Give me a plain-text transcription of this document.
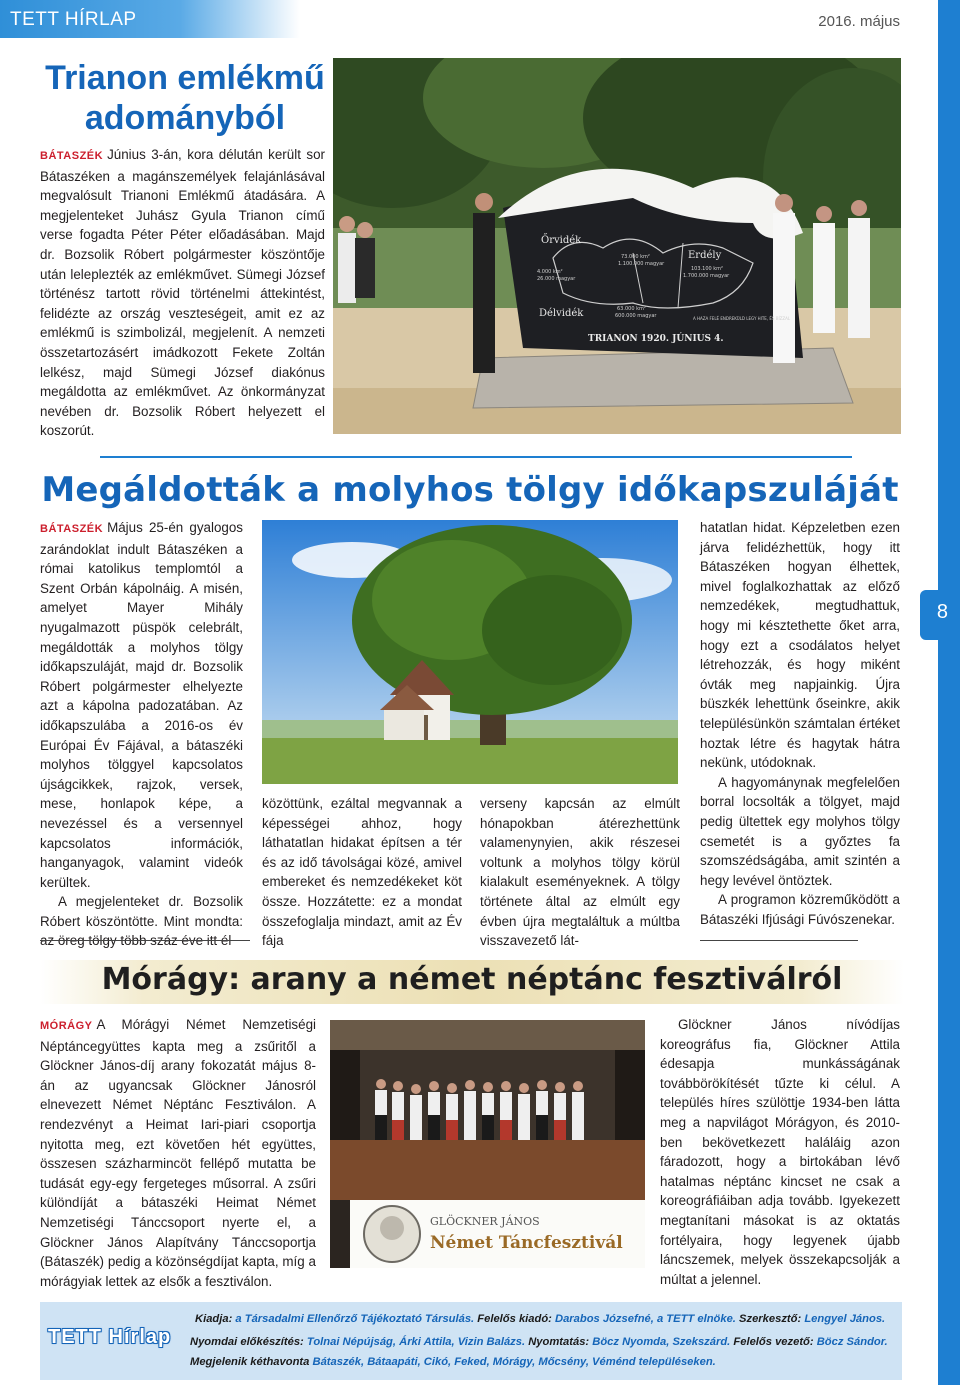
TETT HÍRLAP	2016. május
8
Trianon emlékmű adományból
BÁTASZÉK Június 3-án, kora délután került sor Bátaszéken a magánszemélyek felajánlásával megvalósult Trianoni Emlékmű átadására. A megjelenteket Juhász Gyula Trianon című verse fogadta Péter Péter előadásában. Majd dr. Bozsolik Róbert polgármester köszöntője után leleplezték az emlékművet. Sümegi József történész tartott rövid történelmi áttekintést, felidézte az ország veszteségeit, amit ez az emlékmű is szimbolizál, megjelenít. A nemzeti összetartozásért imádkozott Fekete Zoltán lelkész, majd Sümegi József diakónus megáldotta az emlékművet. Az önkormányzat nevében dr. Bozsolik Róbert helyezett el koszorút.
Őrvidék
Erdély
Délvidék
4.000 km²
26.000 magyar
73.000 km²
1.100.000 magyar
103.100 km²
1.700.000 magyar
63.000 km²
600.000 magyar
TRIANON 1920. JÚNIUS 4.
A HAZA FELÉ ENDREKÜLD LEGY HITE, ÉS BÍZZAL
Megáldották a molyhos tölgy időkapszuláját

BÁTASZÉK Május 25-én gyalogos zarándoklat indult Bátaszéken a római katolikus templomtól a Szent Orbán kápolnáig. A misén, amelyet Mayer Mihály nyugalmazott püspök celebrált, megáldották a molyhos tölgy időkapszuláját, majd dr. Bozsolik Róbert polgármester elhelyezte azt a kápolna padozatában. Az időkapszulába a 2016-os év Európai Év Fájával, a bátaszéki molyhos tölggyel kapcsolatos újságcikkek, rajzok, versek, mese, honlapok képe, a nevezéssel és a versennyel kapcsolatos információk, hanganyagok, valamint videók kerültek.

A megjelenteket dr. Bozsolik Róbert köszöntötte. Mint mondta:

közöttünk, ezáltal megvannak a képességei ahhoz, hogy láthatatlan hidakat építsen a tér és az idő távolságai közé, amivel embereket és nemzedékeket köt össze. Hozzátette: ez a mondat összefoglalja mindazt, amit az Év fája

verseny kapcsán az elmúlt hónapokban átérezhettünk valamenynyien, akik részesei voltunk a molyhos tölgy körül kialakult eseményeknek. A tölgy története által az elmúlt egy évben újra megtaláltuk a múltba visszavezető lát-

hatatlan hidat. Képzeletben ezen járva felidézhettük, hogy itt Bátaszéken hogyan élhettek, mivel foglalkozhattak az előző nemzedékek, megtudhattuk, hogy mi késztethette őket arra, hogy ezt a csodálatos helyet létrehozzák, és hogy miként óvták meg napjainkig. Újra büszkék lehettünk őseinkre, akik településünkön számtalan értéket hoztak létre és hagytak hátra nekünk, utódoknak.

A hagyománynak megfelelően borral locsolták a tölgyet, majd pedig ültettek egy molyhos tölgy csemetét is a győztes fa szomszédságába, amit szintén a hegy levével öntöztek.

A programon közreműködött a Bátaszéki Ifjúsági Fúvószenekar.

Mórágy: arany a német néptánc fesztiválról

MÓRÁGY A Mórágyi Német Nemzetiségi Néptáncegyüttes kapta meg a zsűritől a Glöckner János-díj arany fokozatát május 8-án az ugyancsak Glöckner Jánosról elnevezett Német Néptánc Fesztiválon. A rendezvényt a Heimat Iari-piari csoportja nyitotta meg, ezt követően hét együttes, összesen százharmincöt fellépő mutatta be tudását egy-egy fergeteges műsorral. A zsűri különdíját a bátaszéki Heimat Német Nemzetiségi Tánccsoport nyerte el, a Glöckner János Alapítvány Tánccsoportja (Bátaszék) pedig a közönségdíjat kapta, míg a mórágyiak lettek az elsők a fesztiválon.

GLÖCKNER JÁNOS
Német Táncfesztivál

Glöckner János nívódíjas koreográfus fia, Glöckner Attila édesapja munkásságának továbbörökítését tűzte ki célul. A település híres szülöttje 1934-ben látta meg a napvilágot Mórágyon, és 2010-ben bekövetkezett haláláig azon fáradozott, hogy a birtokában lévő hatalmas néptánc kincset ne csak a koreográfiáiban adja tovább. Igyekezett megtanítani másokat is az oktatás fortélyaira, hogy legyenek újabb láncszemek, melyek összekapcsolják a múltat a jelennel.

TETT Hírlap
Kiadja: a Társadalmi Ellenőrző Tájékoztató Társulás. Felelős kiadó: Darabos Józsefné, a TETT elnöke. Szerkesztő: Lengyel János.
Nyomdai előkészítés: Tolnai Népújság, Árki Attila, Vizin Balázs. Nyomtatás: Böcz Nyomda, Szekszárd. Felelős vezető: Böcz Sándor.
Megjelenik kéthavonta Bátaszék, Bátaapáti, Cikó, Feked, Mórágy, Mőcsény, Véménd településeken.
